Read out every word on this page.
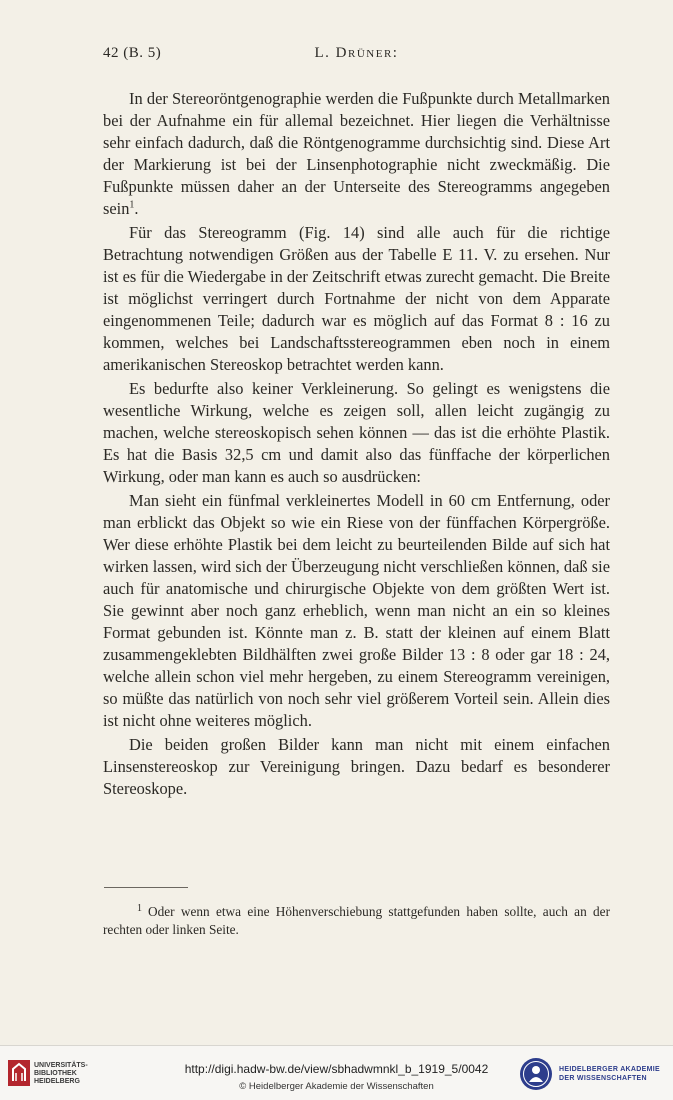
42 (B. 5)	L. Drüner:

In der Stereoröntgenographie werden die Fußpunkte durch Metallmarken bei der Aufnahme ein für allemal bezeichnet. Hier liegen die Verhältnisse sehr einfach dadurch, daß die Röntgenogramme durchsichtig sind. Diese Art der Markierung ist bei der Linsenphotographie nicht zweckmäßig. Die Fußpunkte müssen daher an der Unterseite des Stereogramms angegeben sein$^1$.

Für das Stereogramm (Fig. 14) sind alle auch für die richtige Betrachtung notwendigen Größen aus der Tabelle E 11. V. zu ersehen. Nur ist es für die Wiedergabe in der Zeitschrift etwas zurecht gemacht. Die Breite ist möglichst verringert durch Fortnahme der nicht von dem Apparate eingenommenen Teile; dadurch war es möglich auf das Format 8 : 16 zu kommen, welches bei Landschaftsstereogrammen eben noch in einem amerikanischen Stereoskop betrachtet werden kann.

Es bedurfte also keiner Verkleinerung. So gelingt es wenigstens die wesentliche Wirkung, welche es zeigen soll, allen leicht zugängig zu machen, welche stereoskopisch sehen können — das ist die erhöhte Plastik. Es hat die Basis 32,5 cm und damit also das fünffache der körperlichen Wirkung, oder man kann es auch so ausdrücken:

Man sieht ein fünfmal verkleinertes Modell in 60 cm Entfernung, oder man erblickt das Objekt so wie ein Riese von der fünffachen Körpergröße. Wer diese erhöhte Plastik bei dem leicht zu beurteilenden Bilde auf sich hat wirken lassen, wird sich der Überzeugung nicht verschließen können, daß sie auch für anatomische und chirurgische Objekte von dem größten Wert ist. Sie gewinnt aber noch ganz erheblich, wenn man nicht an ein so kleines Format gebunden ist. Könnte man z. B. statt der kleinen auf einem Blatt zusammengeklebten Bildhälften zwei große Bilder 13 : 8 oder gar 18 : 24, welche allein schon viel mehr hergeben, zu einem Stereogramm vereinigen, so müßte das natürlich von noch sehr viel größerem Vorteil sein. Allein dies ist nicht ohne weiteres möglich.

Die beiden großen Bilder kann man nicht mit einem einfachen Linsenstereoskop zur Vereinigung bringen. Dazu bedarf es besonderer Stereoskope.

$^1$ Oder wenn etwa eine Höhenverschiebung stattgefunden haben sollte, auch an der rechten oder linken Seite.
UNIVERSITÄTS-
BIBLIOTHEK
HEIDELBERG
http://digi.hadw-bw.de/view/sbhadwmnkl_b_1919_5/0042
© Heidelberger Akademie der Wissenschaften
HEIDELBERGER AKADEMIE
DER WISSENSCHAFTEN
